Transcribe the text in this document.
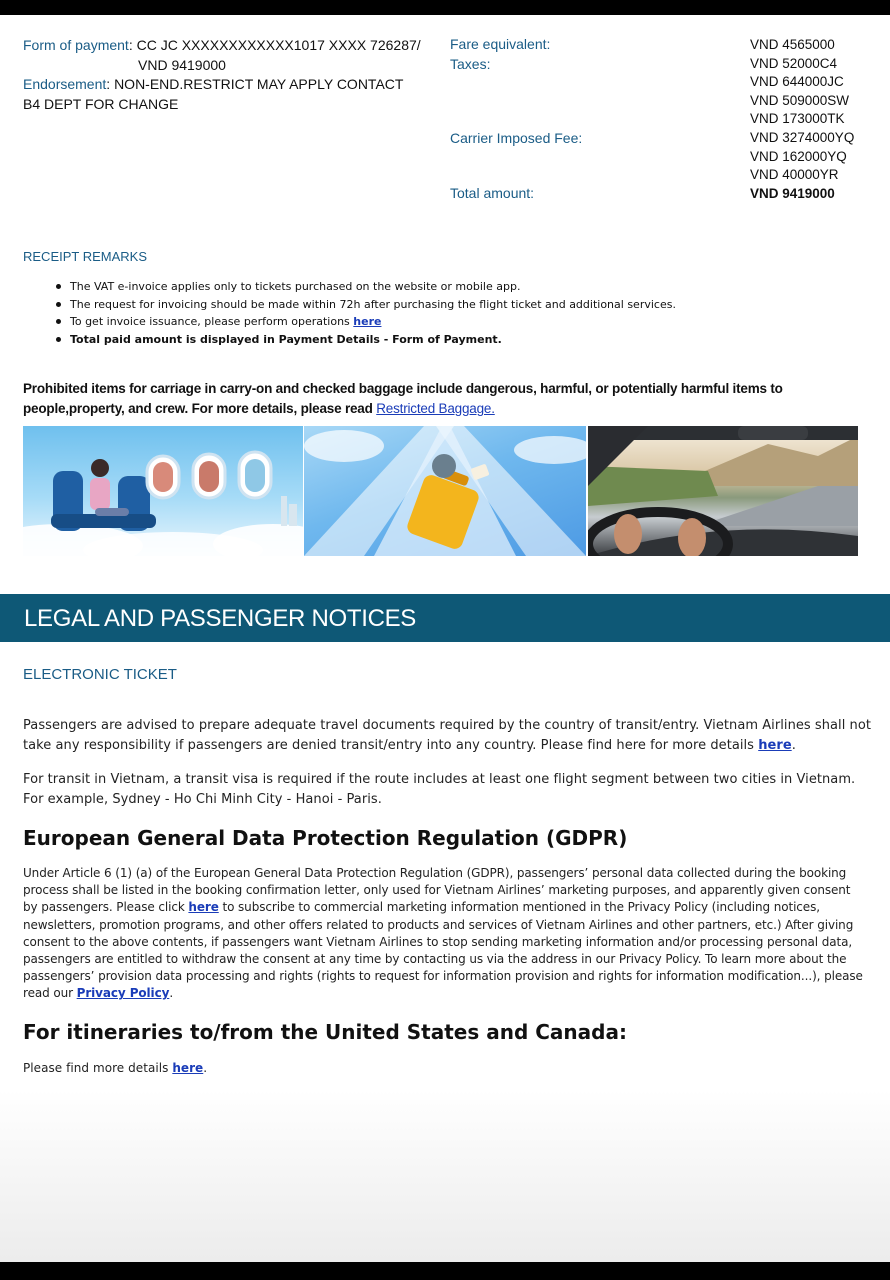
Form of payment: CC JC XXXXXXXXXXXX1017 XXXX 726287/
VND 9419000
Endorsement: NON-END.RESTRICT MAY APPLY CONTACT
B4 DEPT FOR CHANGE
Fare equivalent:
Taxes:
Carrier Imposed Fee:
Total amount:
VND 4565000
VND 52000C4
VND 644000JC
VND 509000SW
VND 173000TK
VND 3274000YQ
VND 162000YQ
VND 40000YR
VND 9419000
RECEIPT REMARKS
The VAT e-invoice applies only to tickets purchased on the website or mobile app.
The request for invoicing should be made within 72h after purchasing the flight ticket and additional services.
To get invoice issuance, please perform operations here
Total paid amount is displayed in Payment Details - Form of Payment.
Prohibited items for carriage in carry-on and checked baggage include dangerous, harmful, or potentially harmful items to people,property, and crew. For more details, please read Restricted Baggage.
LEGAL AND PASSENGER NOTICES
ELECTRONIC TICKET
Passengers are advised to prepare adequate travel documents required by the country of transit/entry. Vietnam Airlines shall not take any responsibility if passengers are denied transit/entry into any country. Please find here for more details here.
For transit in Vietnam, a transit visa is required if the route includes at least one flight segment between two cities in Vietnam. For example, Sydney - Ho Chi Minh City - Hanoi - Paris.
European General Data Protection Regulation (GDPR)
Under Article 6 (1) (a) of the European General Data Protection Regulation (GDPR), passengers’ personal data collected during the booking process shall be listed in the booking confirmation letter, only used for Vietnam Airlines’ marketing purposes, and apparently given consent by passengers. Please click here to subscribe to commercial marketing information mentioned in the Privacy Policy (including notices, newsletters, promotion programs, and other offers related to products and services of Vietnam Airlines and other partners, etc.) After giving consent to the above contents, if passengers want Vietnam Airlines to stop sending marketing information and/or processing personal data, passengers are entitled to withdraw the consent at any time by contacting us via the address in our Privacy Policy. To learn more about the passengers’ provision data processing and rights (rights to request for information provision and rights for information modification...), please read our Privacy Policy.
For itineraries to/from the United States and Canada:
Please find more details here.
